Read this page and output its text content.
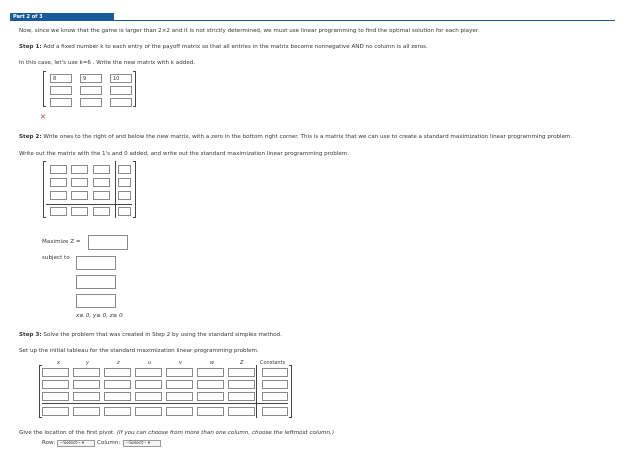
Part 2 of 3
Now, since we know that the game is larger than 2×2 and it is not strictly determined, we must use linear programming to find the optimal solution for each player.
Step 1: Add a fixed number k to each entry of the payoff matrix so that all entries in the matrix become nonnegative AND no column is all zeros.
In this case, let's use k=6 . Write the new matrix with k added.
8	9	10
✕
Step 2: Write ones to the right of and below the new matrix, with a zero in the bottom right corner. This is a matrix that we can use to create a standard maximization linear programming problem.
Write out the matrix with the 1's and 0 added, and write out the standard maximization linear programming problem.
Maximize Z =
subject to
x≥ 0, y≥ 0, z≥ 0
Step 3: Solve the problem that was created in Step 2 by using the standard simplex method.
Set up the initial tableau for the standard maximization linear programming problem.
x	y	z	u	v	w	Z	Constants
Give the location of the first pivot. (If you can choose from more than one column, choose the leftmost column.)
Row:	--Select-- ▾	Column:	--Select-- ▾
